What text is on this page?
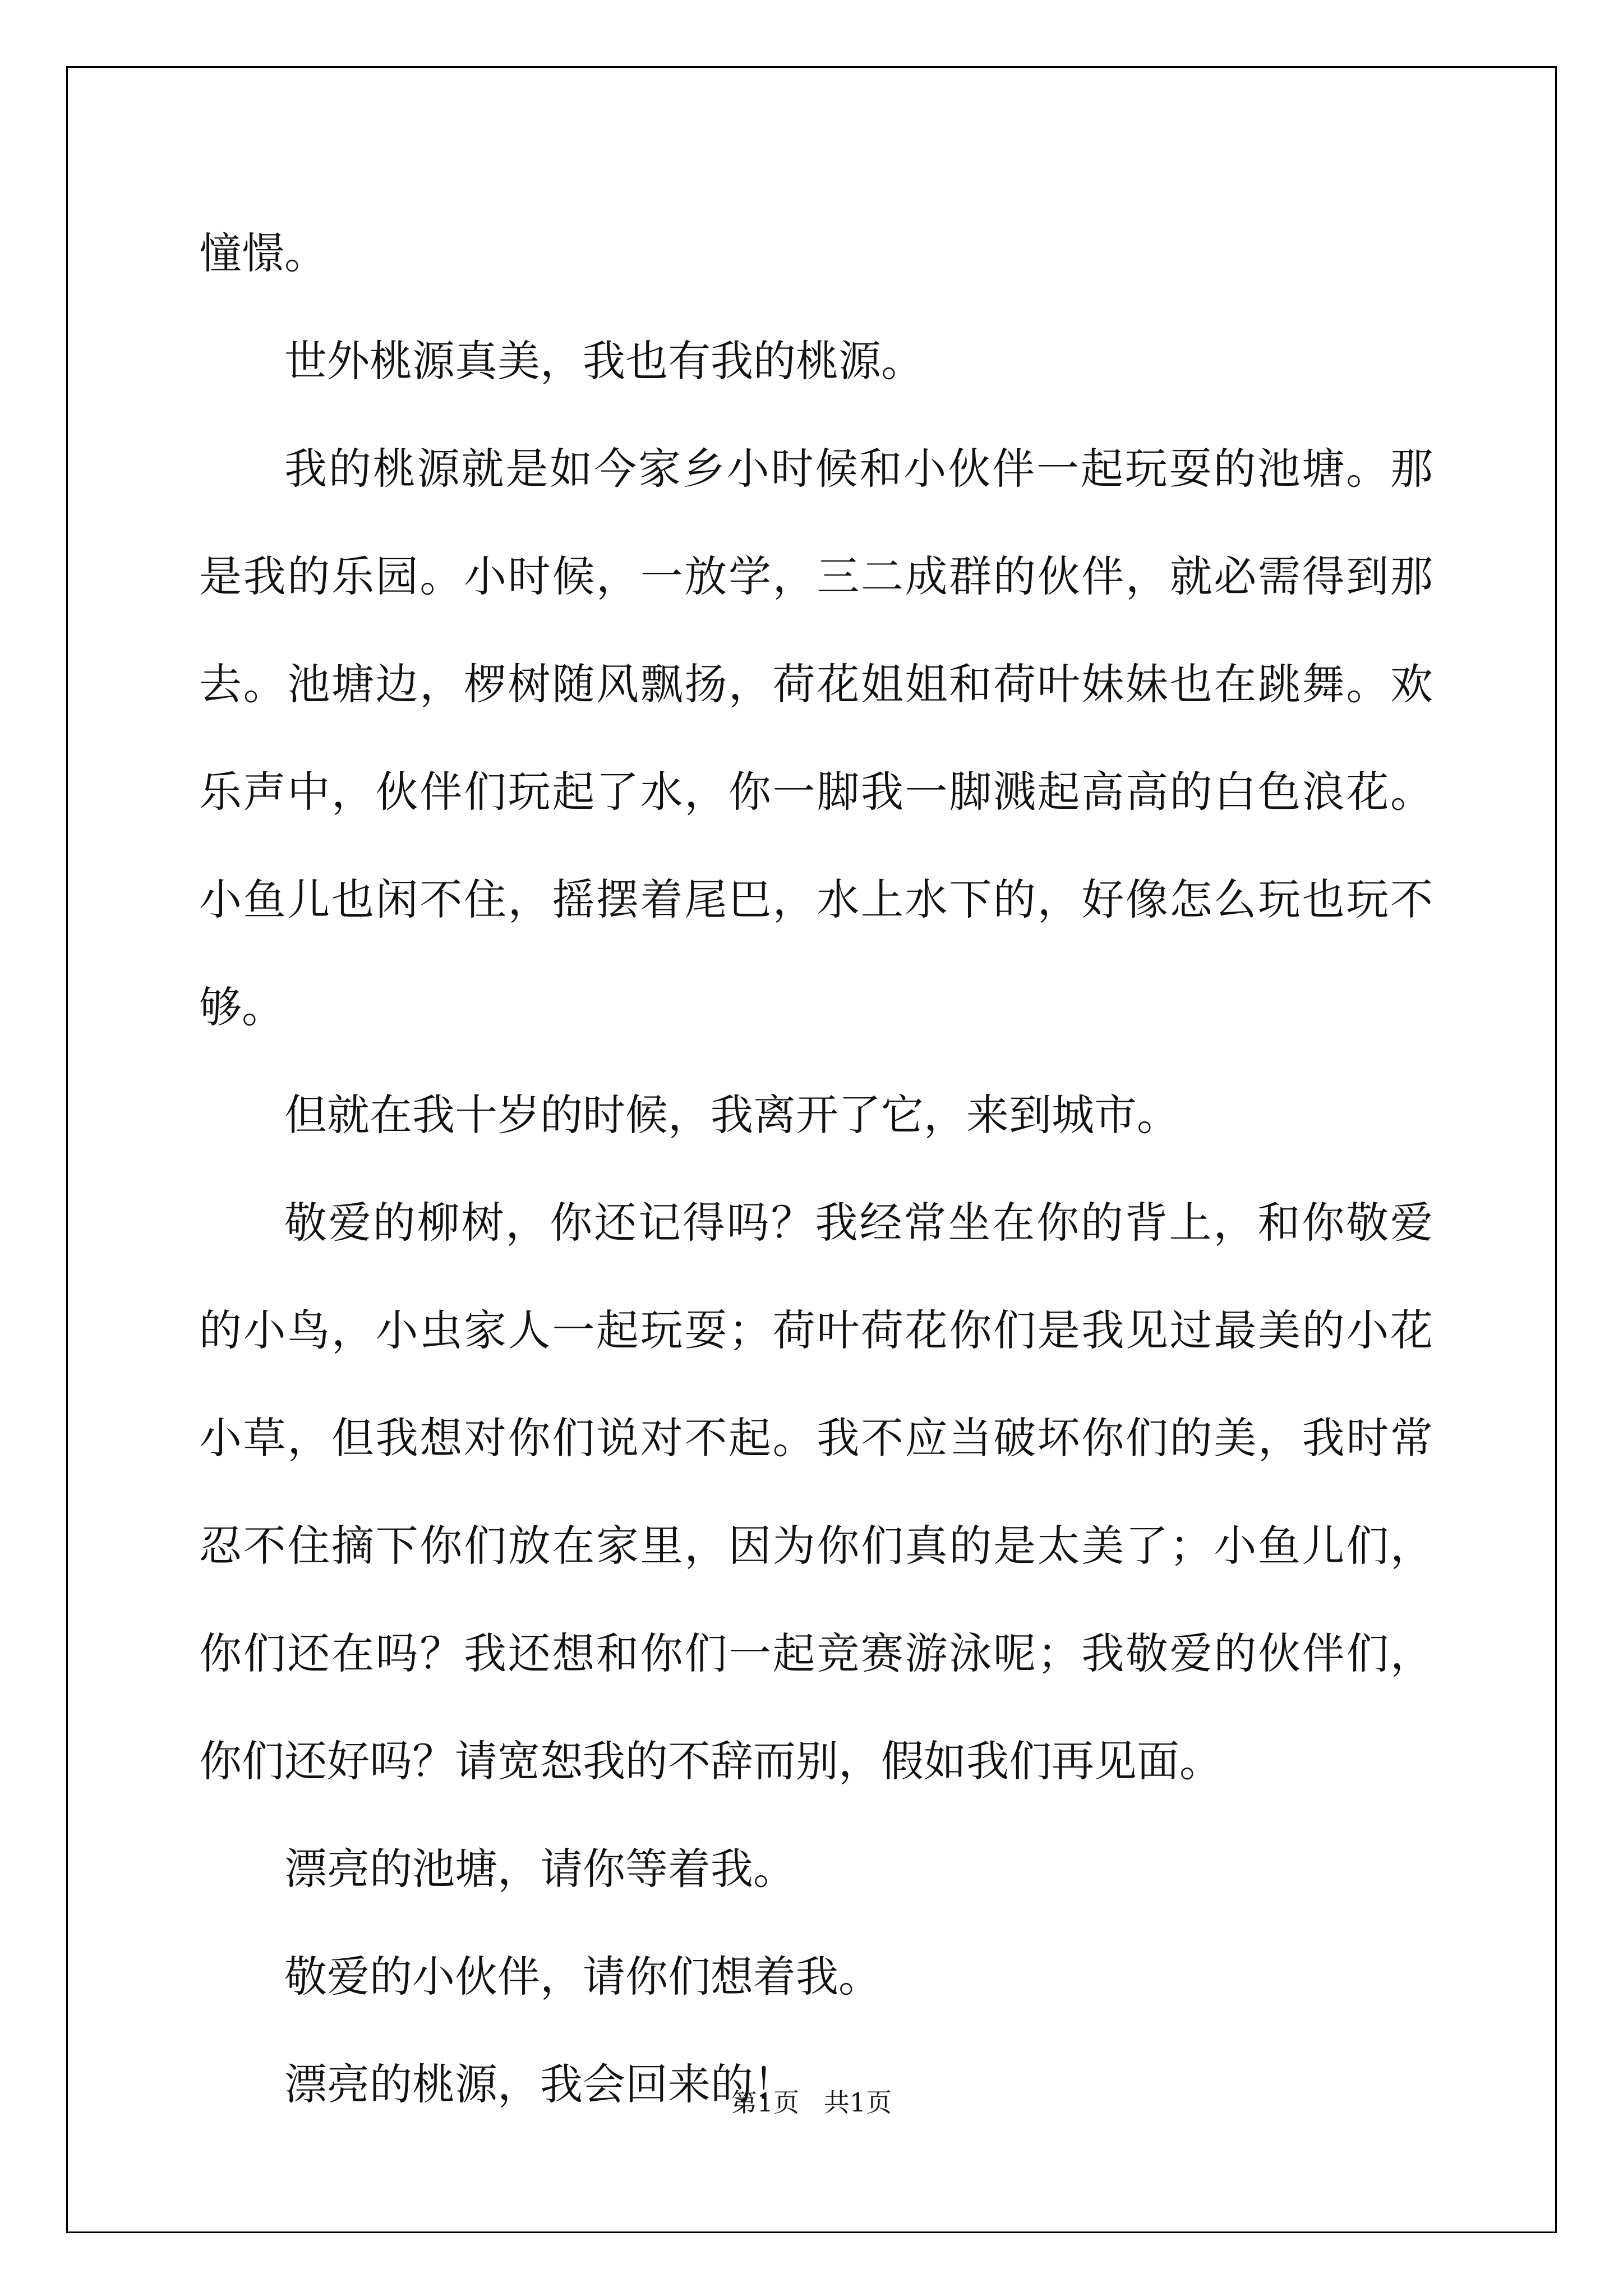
憧憬。

世外桃源真美，我也有我的桃源。

我的桃源就是如今家乡小时候和小伙伴一起玩耍的池塘。那是我的乐园。小时候，一放学，三二成群的伙伴，就必需得到那去。池塘边，椤树随风飘扬，荷花姐姐和荷叶妹妹也在跳舞。欢乐声中，伙伴们玩起了水，你一脚我一脚溅起高高的白色浪花。小鱼儿也闲不住，摇摆着尾巴，水上水下的，好像怎么玩也玩不够。

但就在我十岁的时候，我离开了它，来到城市。

敬爱的柳树，你还记得吗？我经常坐在你的背上，和你敬爱的小鸟，小虫家人一起玩耍；荷叶荷花你们是我见过最美的小花小草，但我想对你们说对不起。我不应当破坏你们的美，我时常忍不住摘下你们放在家里，因为你们真的是太美了；小鱼儿们，你们还在吗？我还想和你们一起竞赛游泳呢；我敬爱的伙伴们，你们还好吗？请宽恕我的不辞而别，假如我们再见面。

漂亮的池塘，请你等着我。

敬爱的小伙伴，请你们想着我。

漂亮的桃源，我会回来的！

第1页   共1页
